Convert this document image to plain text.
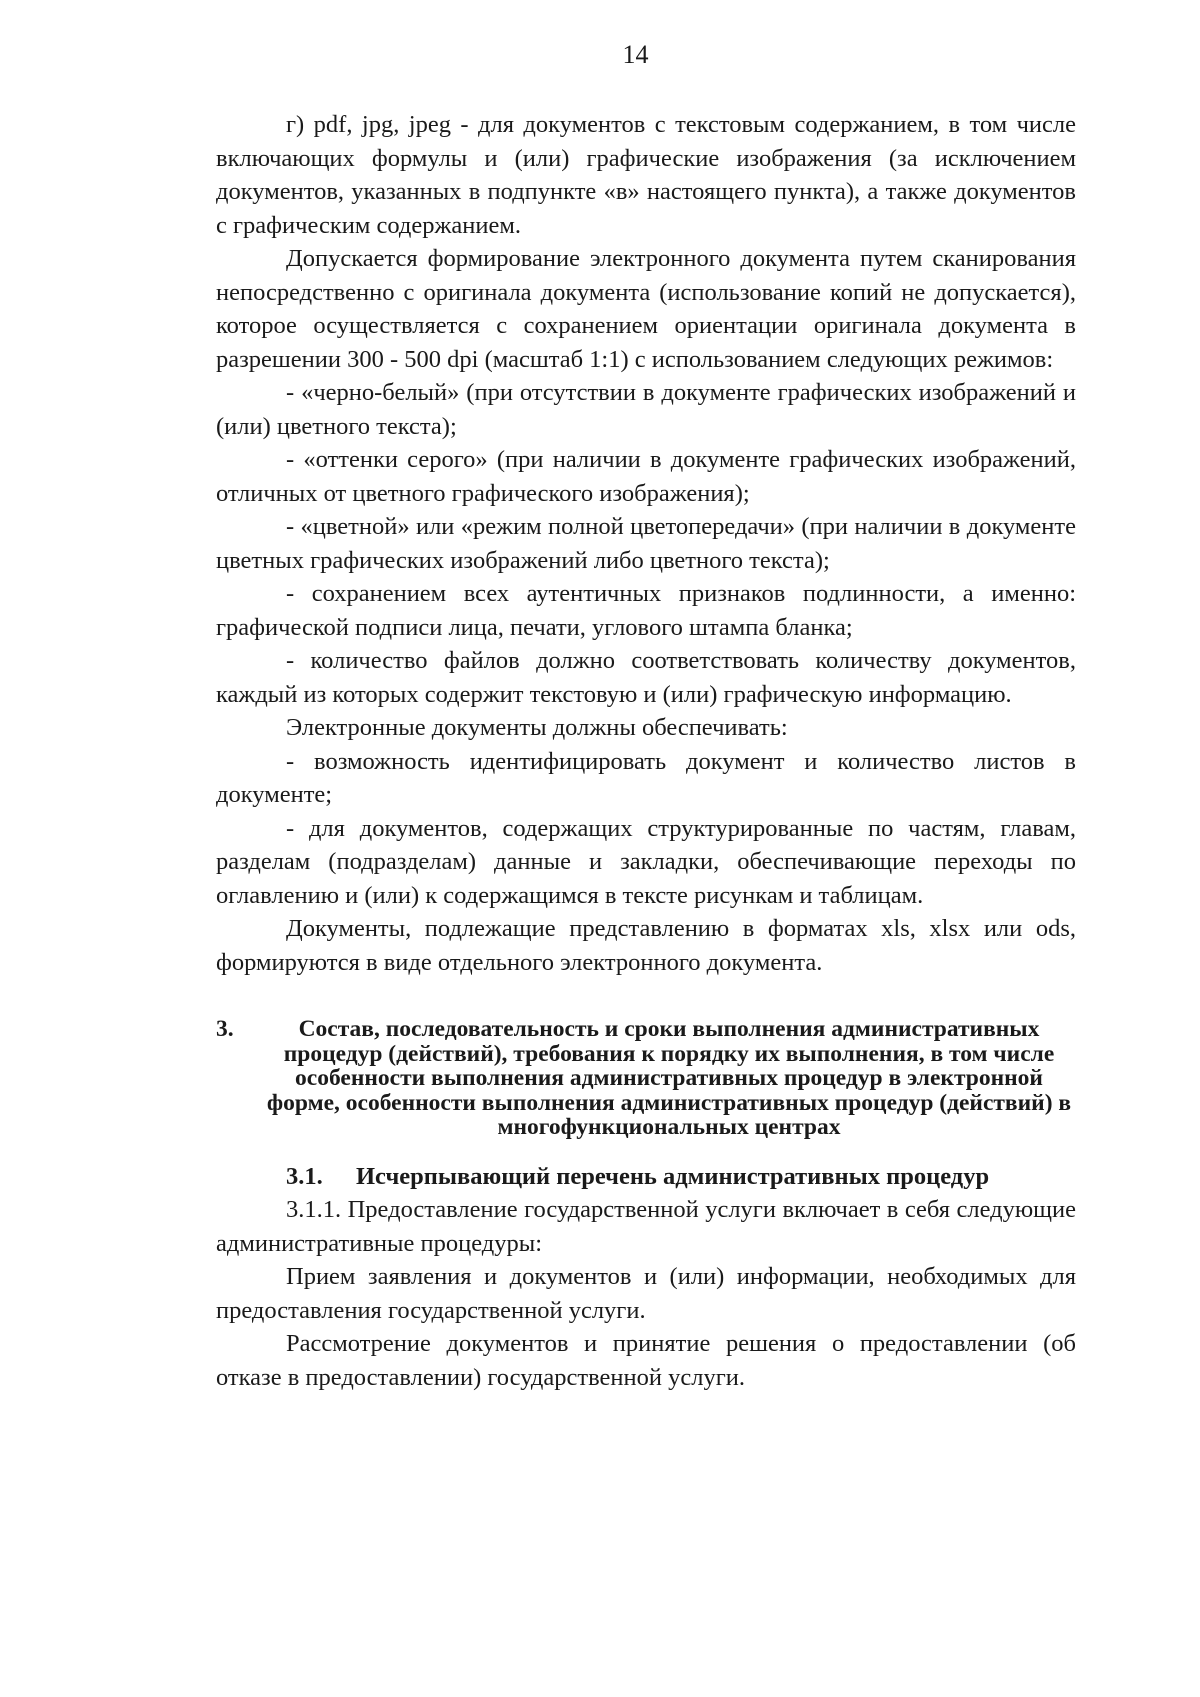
14

г) pdf, jpg, jpeg - для документов с текстовым содержанием, в том числе включающих формулы и (или) графические изображения (за исключением документов, указанных в подпункте «в» настоящего пункта), а также документов с графическим содержанием.

Допускается формирование электронного документа путем сканирования непосредственно с оригинала документа (использование копий не допускается), которое осуществляется с сохранением ориентации оригинала документа в разрешении 300 - 500 dpi (масштаб 1:1) с использованием следующих режимов:

- «черно-белый» (при отсутствии в документе графических изображений и (или) цветного текста);

- «оттенки серого» (при наличии в документе графических изображений, отличных от цветного графического изображения);

- «цветной» или «режим полной цветопередачи» (при наличии в документе цветных графических изображений либо цветного текста);

- сохранением всех аутентичных признаков подлинности, а именно: графической подписи лица, печати, углового штампа бланка;

- количество файлов должно соответствовать количеству документов, каждый из которых содержит текстовую и (или) графическую информацию.

Электронные документы должны обеспечивать:

- возможность идентифицировать документ и количество листов в документе;

- для документов, содержащих структурированные по частям, главам, разделам (подразделам) данные и закладки, обеспечивающие переходы по оглавлению и (или) к содержащимся в тексте рисункам и таблицам.

Документы, подлежащие представлению в форматах xls, xlsx или ods, формируются в виде отдельного электронного документа.

3.	Состав, последовательность и сроки выполнения административных процедур (действий), требования к порядку их выполнения, в том числе особенности выполнения административных процедур в электронной форме, особенности выполнения административных процедур (действий) в многофункциональных центрах
3.1. Исчерпывающий перечень административных процедур

3.1.1. Предоставление государственной услуги включает в себя следующие административные процедуры:

Прием заявления и документов и (или) информации, необходимых для предоставления государственной услуги.

Рассмотрение документов и принятие решения о предоставлении (об отказе в предоставлении) государственной услуги.
